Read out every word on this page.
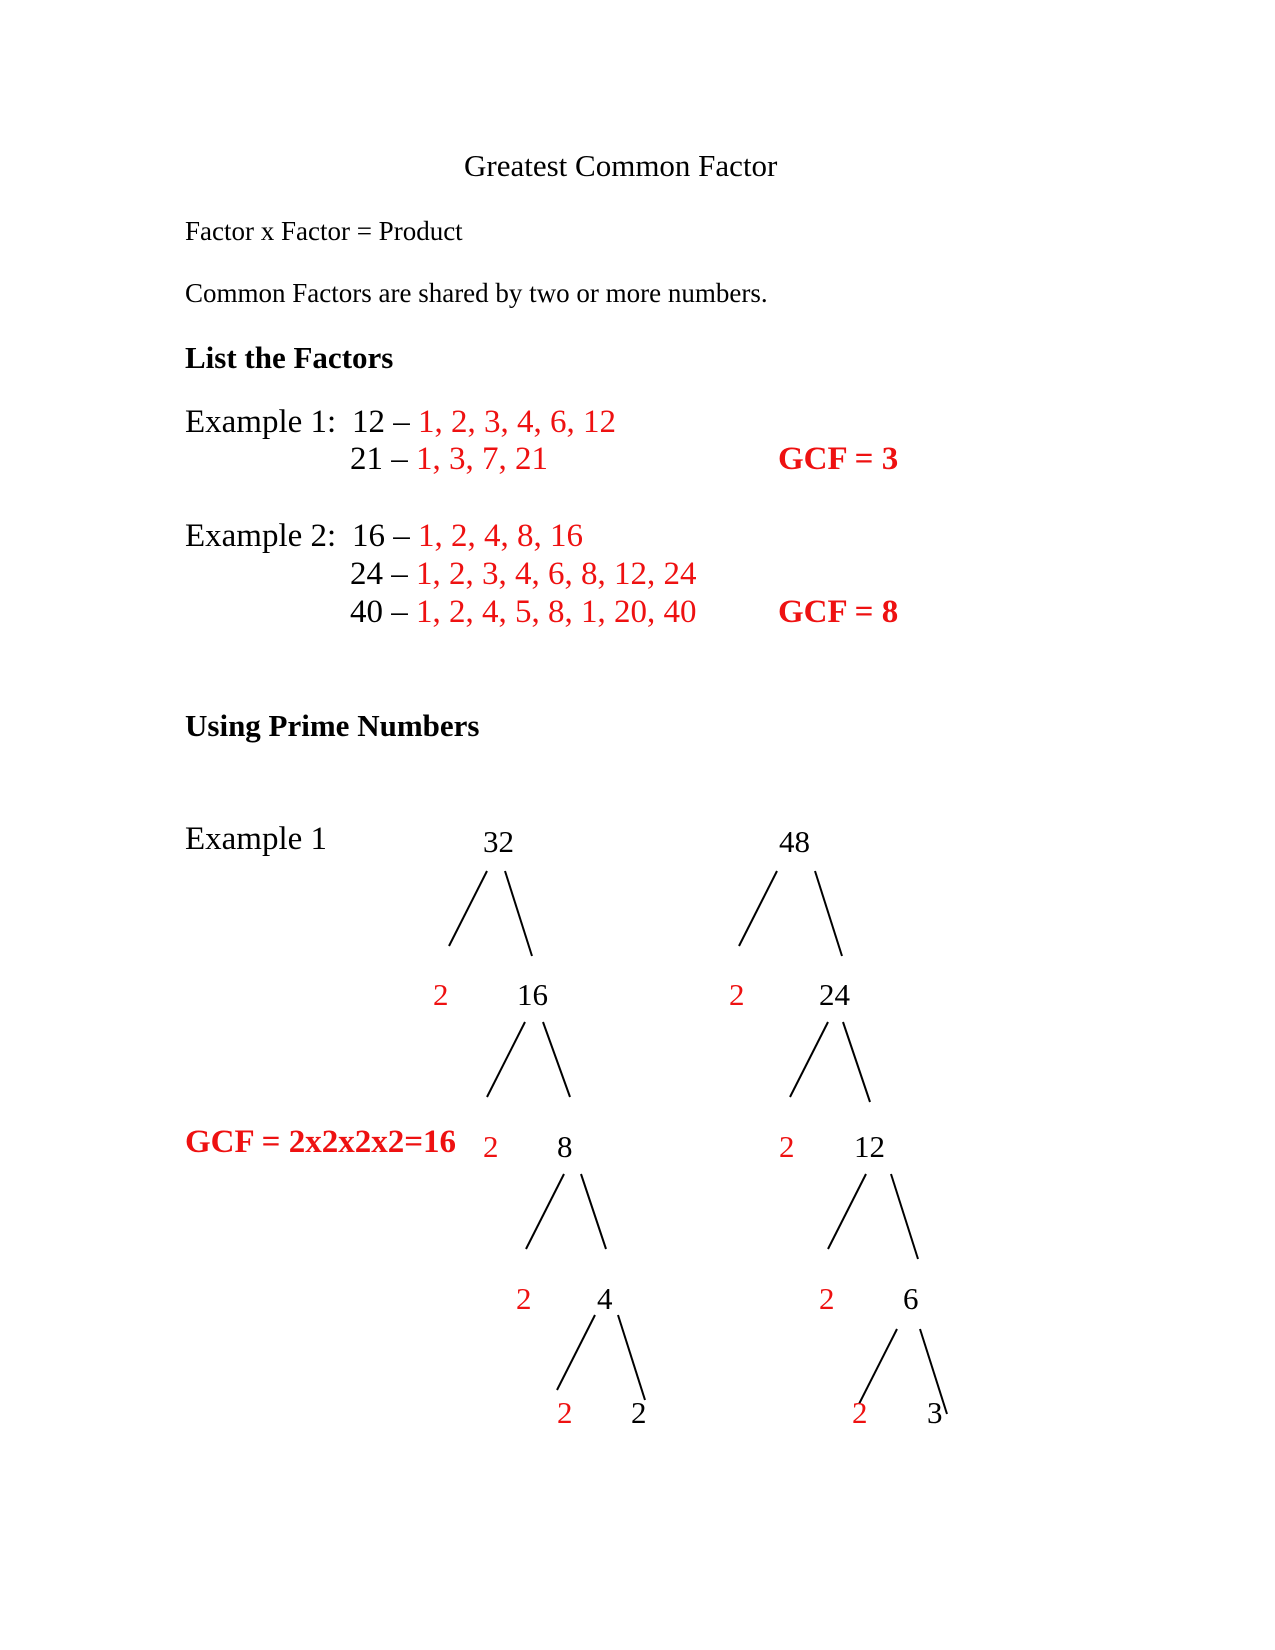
Greatest Common Factor
Factor x Factor = Product
Common Factors are shared by two or more numbers.
List the Factors
Example 1: 12 – 1, 2, 3, 4, 6, 12
21 – 1, 3, 7, 21	GCF = 3
Example 2: 16 – 1, 2, 4, 8, 16
24 – 1, 2, 3, 4, 6, 8, 12, 24
40 – 1, 2, 4, 5, 8, 1, 20, 40 GCF = 8
Using Prime Numbers
Example 1
GCF = 2x2x2x2=16
32
2 16
2 8
2 4
2 2
48
2 24
2 12
2 6
2 3
